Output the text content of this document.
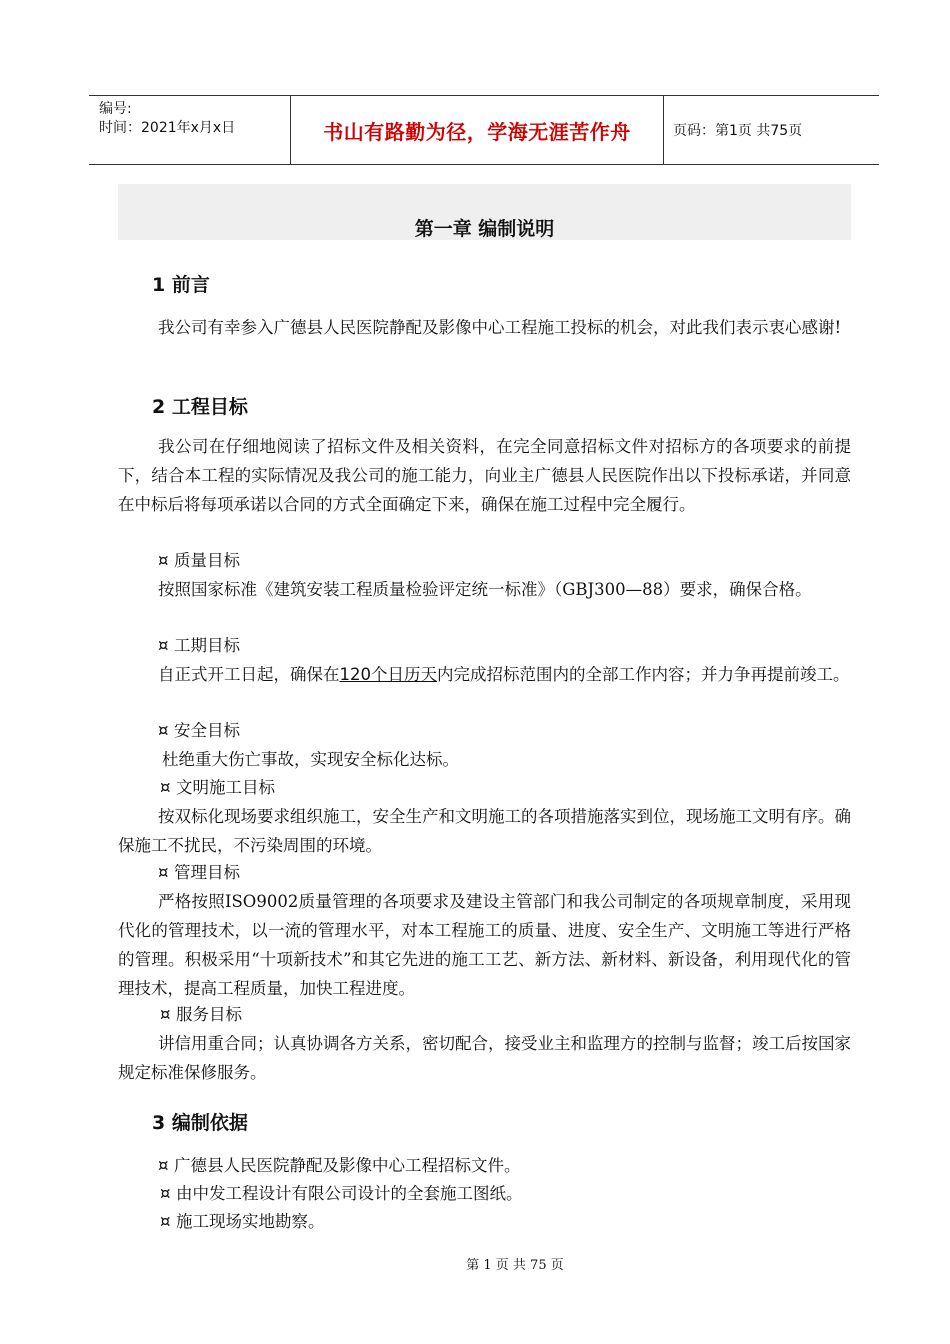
编号:
时间：2021年x月x日	书山有路勤为径，学海无涯苦作舟	页码：第1页 共75页
第一章 编制说明
1 前言
我公司有幸参入广德县人民医院静配及影像中心工程施工投标的机会，对此我们表示衷心感谢!
2 工程目标
我公司在仔细地阅读了招标文件及相关资料，在完全同意招标文件对招标方的各项要求的前提下，结合本工程的实际情况及我公司的施工能力，向业主广德县人民医院作出以下投标承诺，并同意在中标后将每项承诺以合同的方式全面确定下来，确保在施工过程中完全履行。
¤ 质量目标
按照国家标准《建筑安装工程质量检验评定统一标准》（GBJ300—88）要求，确保合格。
¤ 工期目标
自正式开工日起，确保在120个日历天内完成招标范围内的全部工作内容；并力争再提前竣工。
¤ 安全目标
杜绝重大伤亡事故，实现安全标化达标。
¤ 文明施工目标
按双标化现场要求组织施工，安全生产和文明施工的各项措施落实到位，现场施工文明有序。确保施工不扰民，不污染周围的环境。
¤ 管理目标
严格按照ISO9002质量管理的各项要求及建设主管部门和我公司制定的各项规章制度，采用现代化的管理技术，以一流的管理水平，对本工程施工的质量、进度、安全生产、文明施工等进行严格的管理。积极采用“十项新技术”和其它先进的施工工艺、新方法、新材料、新设备，利用现代化的管理技术，提高工程质量，加快工程进度。
¤ 服务目标
讲信用重合同；认真协调各方关系，密切配合，接受业主和监理方的控制与监督；竣工后按国家规定标准保修服务。
3 编制依据
¤ 广德县人民医院静配及影像中心工程招标文件。
¤ 由中发工程设计有限公司设计的全套施工图纸。
¤ 施工现场实地勘察。
第 1 页 共 75 页
